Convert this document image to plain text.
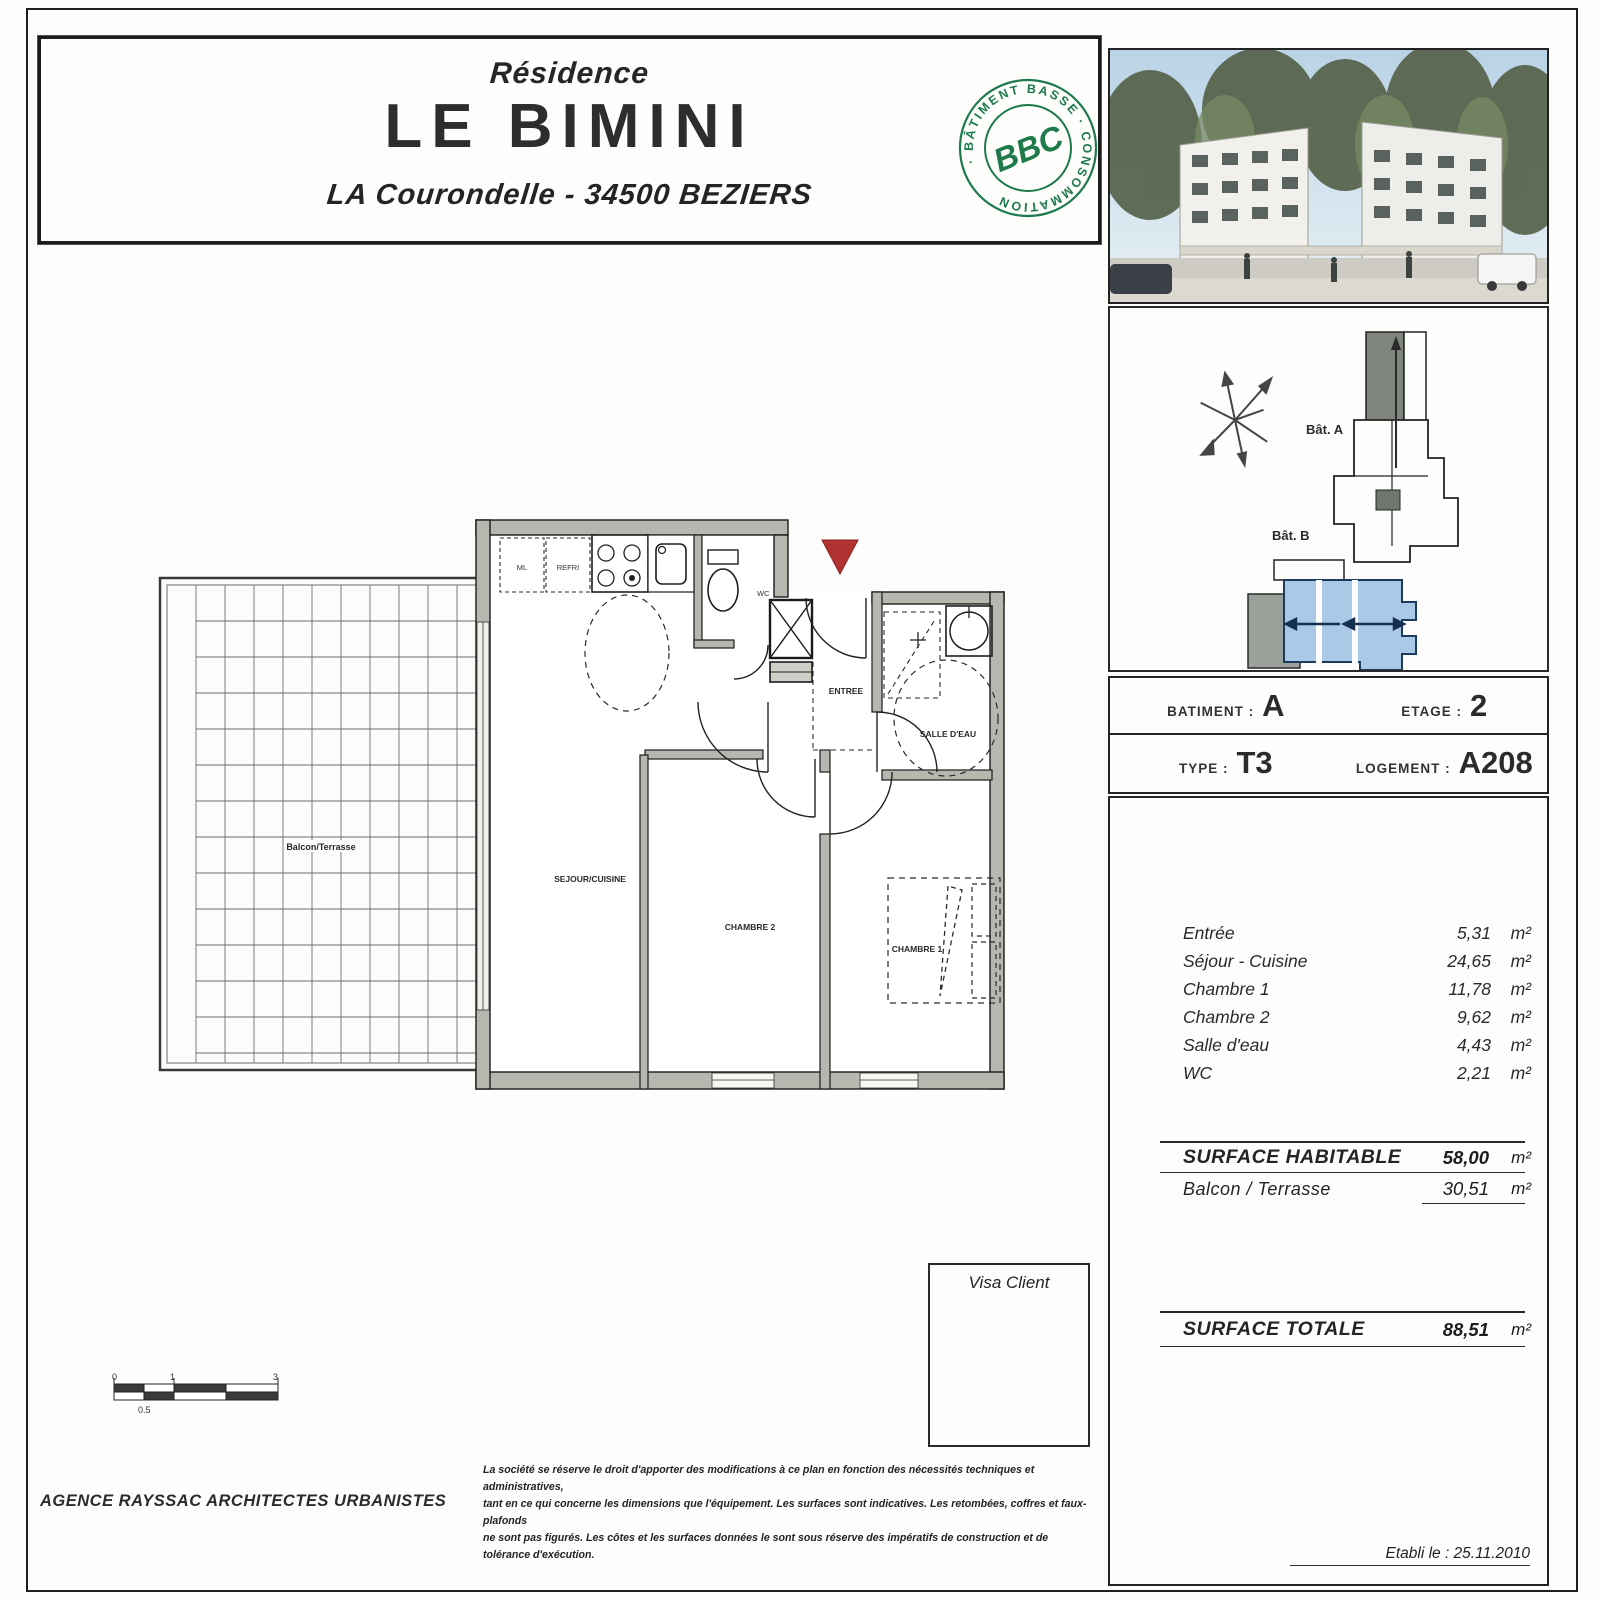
Résidence
LE BIMINI
LA Courondelle - 34500 BEZIERS
· BÂTIMENT BASSE · CONSOMMATION
BBC
Bât. A
Bât. B
BATIMENT : A	ETAGE : 2
TYPE : T3	LOGEMENT : A208
Entrée	5,31	m²
Séjour - Cuisine	24,65	m²
Chambre 1	11,78	m²
Chambre 2	9,62	m²
Salle d'eau	4,43	m²
WC	2,21	m²
SURFACE HABITABLE	58,00	m²
Balcon / Terrasse	30,51	m²
SURFACE TOTALE	88,51	m²
Etabli le : 25.11.2010
Balcon/Terrasse
ML	REFRI
WC
SEJOUR/CUISINE
CHAMBRE 2
CHAMBRE 1
SALLE D'EAU
ENTREE
Visa Client
0	1	3
0.5
AGENCE RAYSSAC ARCHITECTES URBANISTES
La société se réserve le droit d'apporter des modifications à ce plan en fonction des nécessités techniques et administratives,
tant en ce qui concerne les dimensions que l'équipement. Les surfaces sont indicatives. Les retombées, coffres et faux-plafonds
ne sont pas figurés. Les côtes et les surfaces données le sont sous réserve des impératifs de construction et de tolérance d'exécution.
